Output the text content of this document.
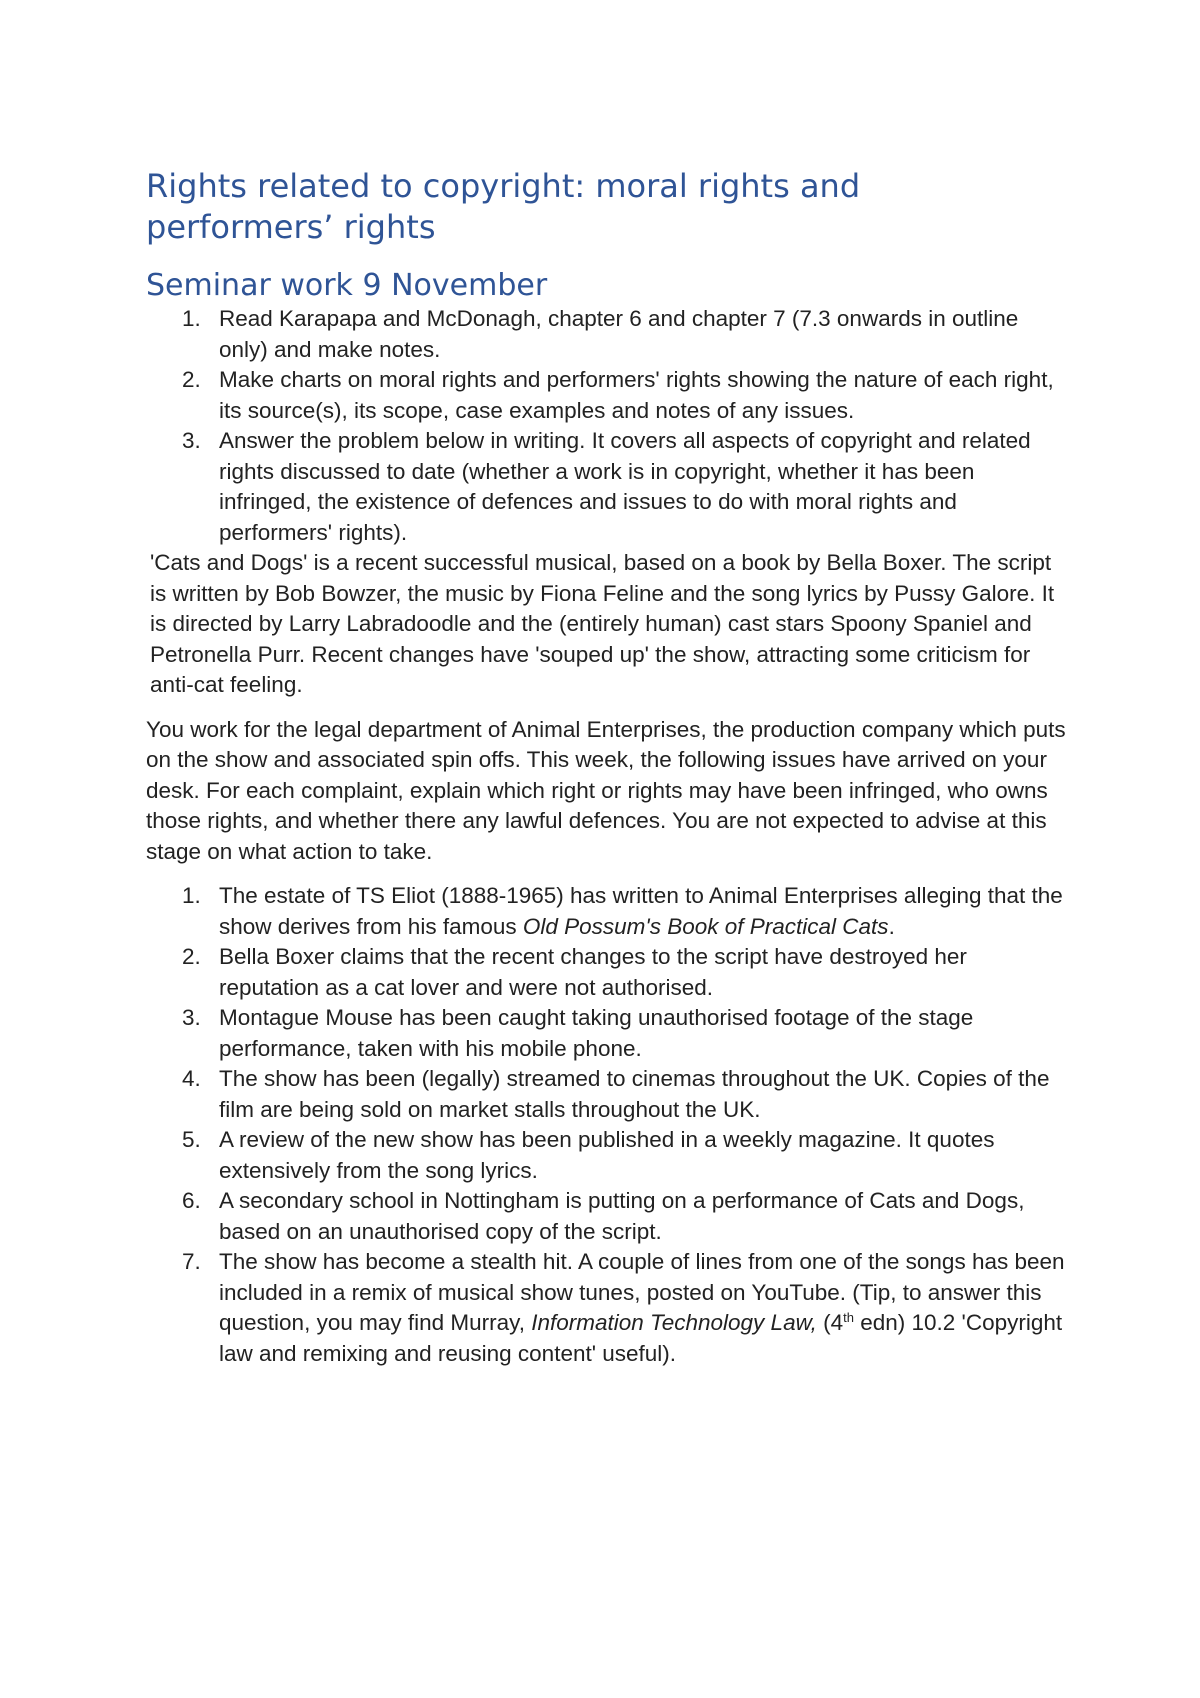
Rights related to copyright: moral rights and performers’ rights
Seminar work 9 November
1. Read Karapapa and McDonagh, chapter 6 and chapter 7 (7.3 onwards in outline only) and make notes.
2. Make charts on moral rights and performers' rights showing the nature of each right, its source(s), its scope, case examples and notes of any issues.
3. Answer the problem below in writing. It covers all aspects of copyright and related rights discussed to date (whether a work is in copyright, whether it has been infringed, the existence of defences and issues to do with moral rights and performers' rights).

'Cats and Dogs' is a recent successful musical, based on a book by Bella Boxer. The script is written by Bob Bowzer, the music by Fiona Feline and the song lyrics by Pussy Galore. It is directed by Larry Labradoodle and the (entirely human) cast stars Spoony Spaniel and Petronella Purr. Recent changes have 'souped up' the show, attracting some criticism for anti-cat feeling.

You work for the legal department of Animal Enterprises, the production company which puts on the show and associated spin offs. This week, the following issues have arrived on your desk. For each complaint, explain which right or rights may have been infringed, who owns those rights, and whether there any lawful defences. You are not expected to advise at this stage on what action to take.

1. The estate of TS Eliot (1888-1965) has written to Animal Enterprises alleging that the show derives from his famous Old Possum's Book of Practical Cats.
2. Bella Boxer claims that the recent changes to the script have destroyed her reputation as a cat lover and were not authorised.
3. Montague Mouse has been caught taking unauthorised footage of the stage performance, taken with his mobile phone.
4. The show has been (legally) streamed to cinemas throughout the UK. Copies of the film are being sold on market stalls throughout the UK.
5. A review of the new show has been published in a weekly magazine. It quotes extensively from the song lyrics.
6. A secondary school in Nottingham is putting on a performance of Cats and Dogs, based on an unauthorised copy of the script.
7. The show has become a stealth hit. A couple of lines from one of the songs has been included in a remix of musical show tunes, posted on YouTube. (Tip, to answer this question, you may find Murray, Information Technology Law, (4th edn) 10.2 'Copyright law and remixing and reusing content' useful).
